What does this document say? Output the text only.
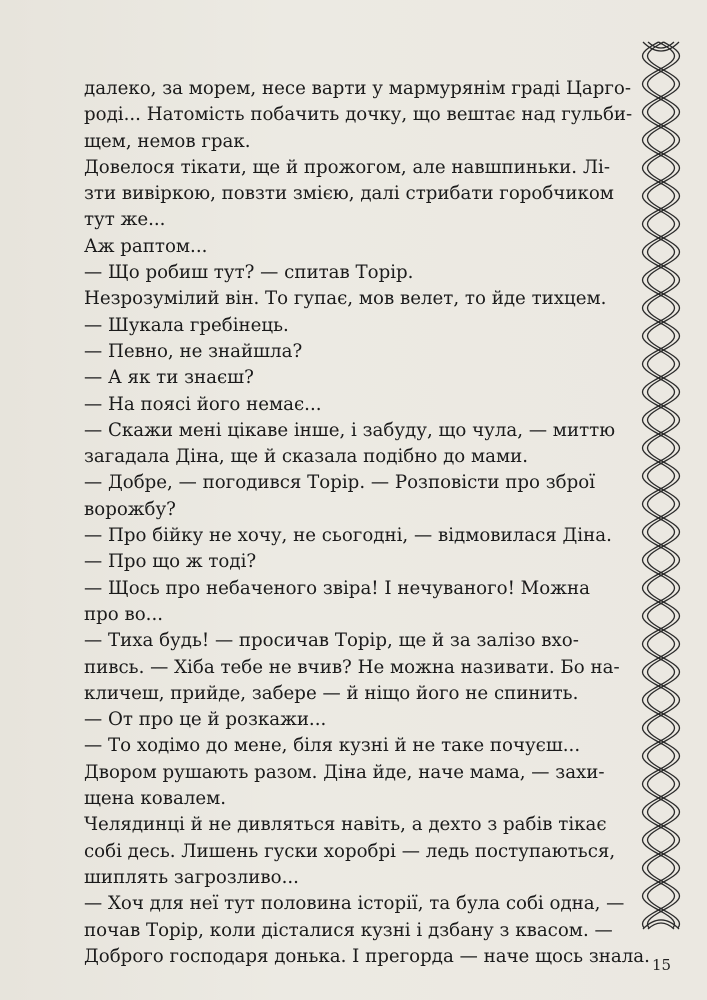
далеко, за морем, несе варти у мармурянім граді Царго-
роді... Натомість побачить дочку, що вештає над гульби-
щем, немов грак.
Довелося тікати, ще й прожогом, але навшпиньки. Лі-
зти вивіркою, повзти змією, далі стрибати горобчиком
тут же...
Аж раптом...
— Що робиш тут? — спитав Торір.
Незрозумілий він. То гупає, мов велет, то йде тихцем.
— Шукала гребінець.
— Певно, не знайшла?
— А як ти знаєш?
— На поясі його немає...
— Скажи мені цікаве інше, і забуду, що чула, — миттю
загадала Діна, ще й сказала подібно до мами.
— Добре, — погодився Торір. — Розповісти про зброї
ворожбу?
— Про бійку не хочу, не сьогодні, — відмовилася Діна.
— Про що ж тоді?
— Щось про небаченого звіра! І нечуваного! Можна
про во...
— Тиха будь! — просичав Торір, ще й за залізо вхо-
пивсь. — Хіба тебе не вчив? Не можна називати. Бо на-
кличеш, прийде, забере — й ніщо його не спинить.
— От про це й розкажи...
— То ходімо до мене, біля кузні й не таке почуєш...
Двором рушають разом. Діна йде, наче мама, — захи-
щена ковалем.
Челядинці й не дивляться навіть, а дехто з рабів тікає
собі десь. Лишень гуски хоробрі — ледь поступаються,
шиплять загрозливо...
— Хоч для неї тут половина історії, та була собі одна, —
почав Торір, коли дісталися кузні і дзбану з квасом. —
Доброго господаря донька. І прегорда — наче щось знала. 15
